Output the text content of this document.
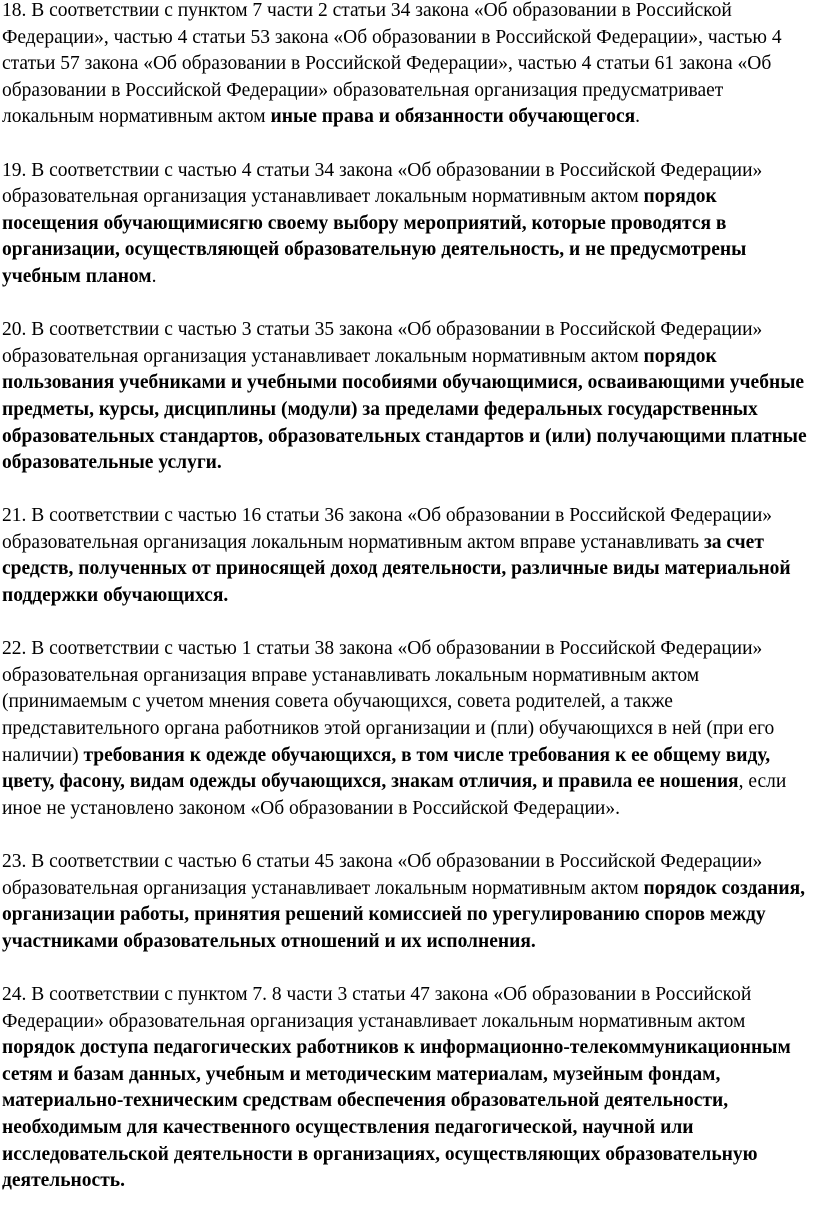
18. В соответствии с пунктом 7 части 2 статьи 34 закона «Об образовании в Российской Федерации», частью 4 статьи 53 закона «Об образовании в Российской Федерации», частью 4 статьи 57 закона «Об образовании в Российской Федерации», частью 4 статьи 61 закона «Об образовании в Российской Федерации» образовательная организация предусматривает локальным нормативным актом иные права и обязанности обучающегося.

19. В соответствии с частью 4 статьи 34 закона «Об образовании в Российской Федерации» образовательная организация устанавливает локальным нормативным актом порядок посещения обучающимисягю своему выбору мероприятий, которые проводятся в организации, осуществляющей образовательную деятельность, и не предусмотрены учебным планом.

20. В соответствии с частью 3 статьи 35 закона «Об образовании в Российской Федерации» образовательная организация устанавливает локальным нормативным актом порядок пользования учебниками и учебными пособиями обучающимися, осваивающими учебные предметы, курсы, дисциплины (модули) за пределами федеральных государственных образовательных стандартов, образовательных стандартов и (или) получающими платные образовательные услуги.

21. В соответствии с частью 16 статьи 36 закона «Об образовании в Российской Федерации» образовательная организация локальным нормативным актом вправе устанавливать за счет средств, полученных от приносящей доход деятельности, различные виды материальной поддержки обучающихся.

22. В соответствии с частью 1 статьи 38 закона «Об образовании в Российской Федерации» образовательная организация вправе устанавливать локальным нормативным актом (принимаемым с учетом мнения совета обучающихся, совета родителей, а также представительного органа работников этой организации и (пли) обучающихся в ней (при его наличии) требования к одежде обучающихся, в том числе требования к ее общему виду, цвету, фасону, видам одежды обучающихся, знакам отличия, и правила ее ношения, если иное не установлено законом «Об образовании в Российской Федерации».

23. В соответствии с частью 6 статьи 45 закона «Об образовании в Российской Федерации» образовательная организация устанавливает локальным нормативным актом порядок создания, организации работы, принятия решений комиссией по урегулированию споров между участниками образовательных отношений и их исполнения.

24. В соответствии с пунктом 7. 8 части 3 статьи 47 закона «Об образовании в Российской Федерации» образовательная организация устанавливает локальным нормативным актом порядок доступа педагогических работников к информационно-телекоммуникационным сетям и базам данных, учебным и методическим материалам, музейным фондам, материально-техническим средствам обеспечения образовательной деятельности, необходимым для качественного осуществления педагогической, научной или исследовательской деятельности в организациях, осуществляющих образовательную деятельность.
